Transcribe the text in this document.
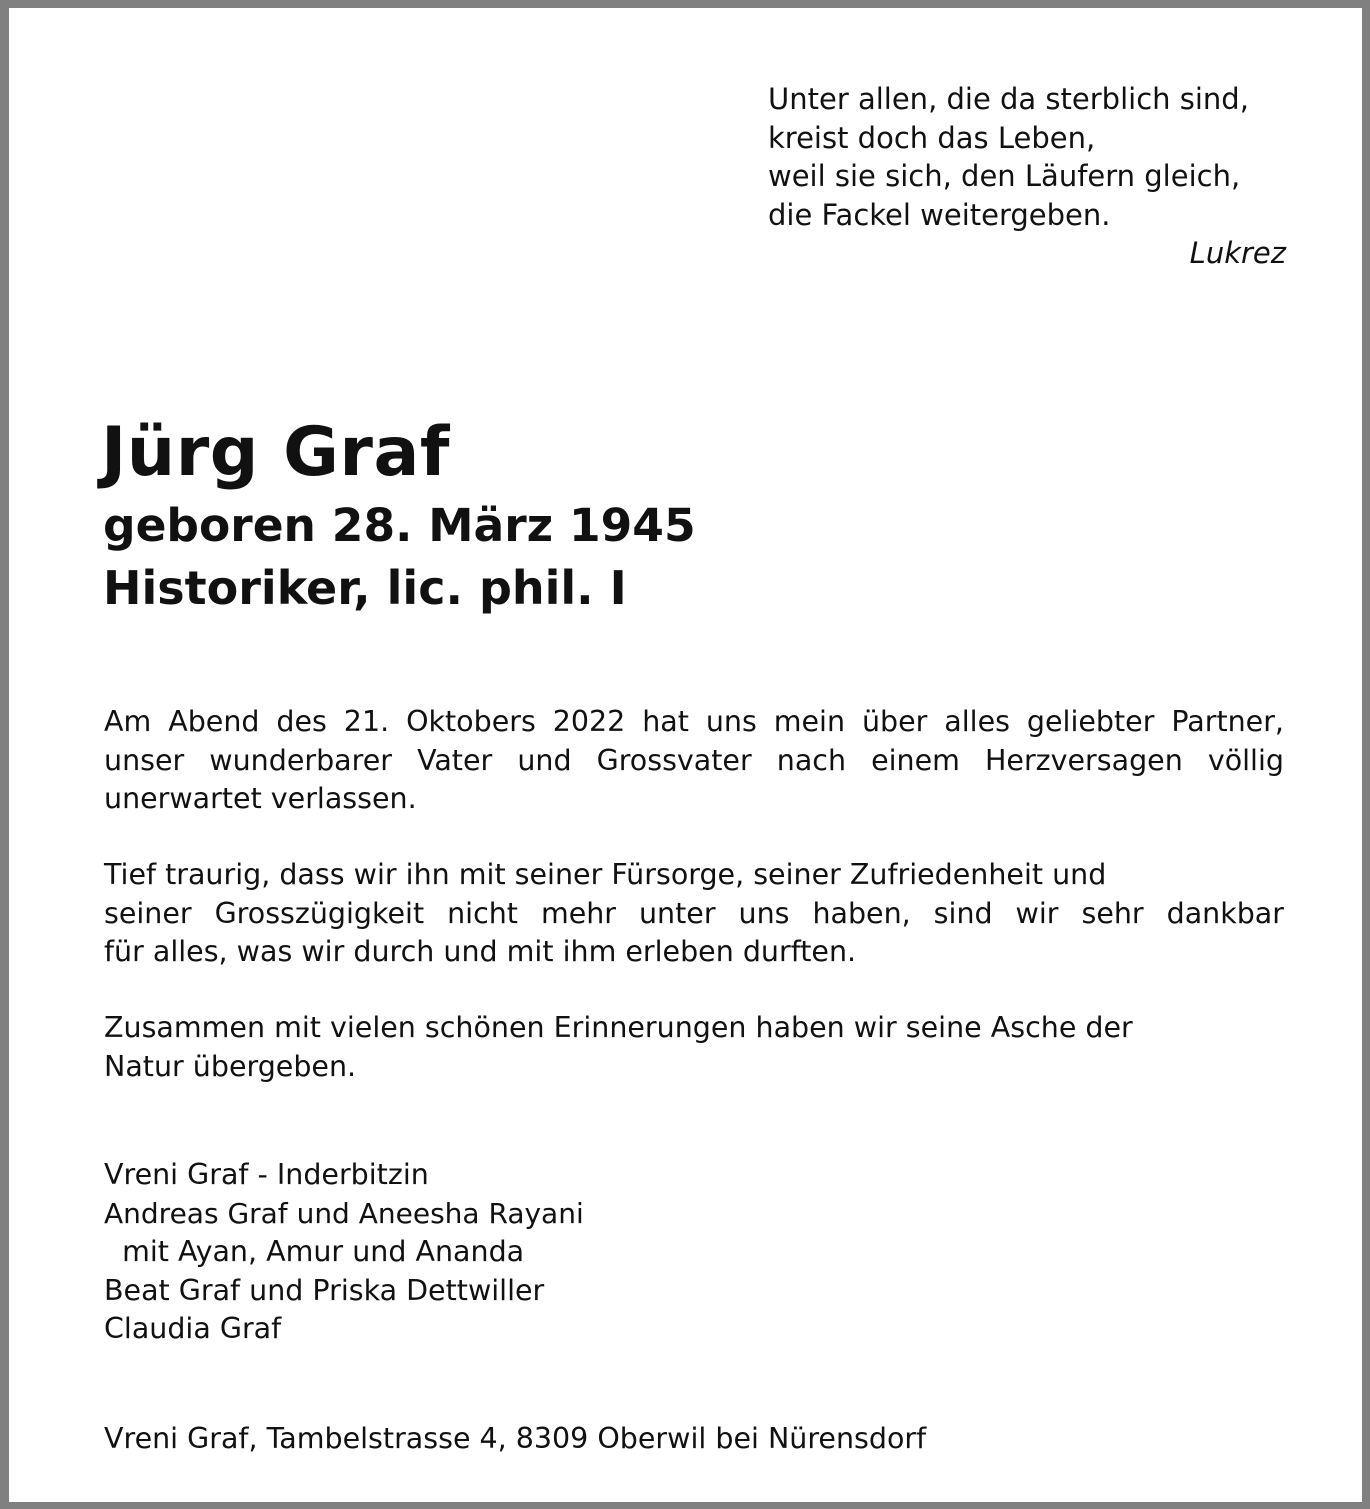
Unter allen, die da sterblich sind,
kreist doch das Leben,
weil sie sich, den Läufern gleich,
die Fackel weitergeben.
Lukrez
Jürg Graf
geboren 28. März 1945
Historiker, lic. phil. I
Am Abend des 21. Oktobers 2022 hat uns mein über alles geliebter Partner,
unser wunderbarer Vater und Grossvater nach einem Herzversagen völlig
unerwartet verlassen.
Tief traurig, dass wir ihn mit seiner Fürsorge, seiner Zufriedenheit und
seiner Grosszügigkeit nicht mehr unter uns haben, sind wir sehr dankbar
für alles, was wir durch und mit ihm erleben durften.
Zusammen mit vielen schönen Erinnerungen haben wir seine Asche der
Natur übergeben.
Vreni Graf - Inderbitzin
Andreas Graf und Aneesha Rayani
mit Ayan, Amur und Ananda
Beat Graf und Priska Dettwiller
Claudia Graf
Vreni Graf, Tambelstrasse 4, 8309 Oberwil bei Nürensdorf
